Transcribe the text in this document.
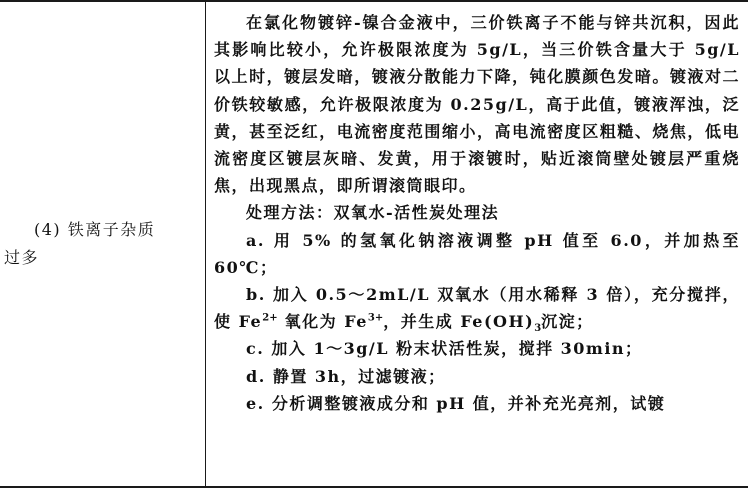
(4) 铁离子杂质
过多

在氯化物镀锌-镍合金液中，三价铁离子不能与锌共沉积，因此其影响比较小，允许极限浓度为 5g/L，当三价铁含量大于 5g/L 以上时，镀层发暗，镀液分散能力下降，钝化膜颜色发暗。镀液对二价铁较敏感，允许极限浓度为 0.25g/L，高于此值，镀液浑浊，泛黄，甚至泛红，电流密度范围缩小，高电流密度区粗糙、烧焦，低电流密度区镀层灰暗、发黄，用于滚镀时，贴近滚筒壁处镀层严重烧焦，出现黑点，即所谓滚筒眼印。

处理方法：双氧水-活性炭处理法

a. 用 5% 的氢氧化钠溶液调整 pH 值至 6.0，并加热至 60℃；

b. 加入 0.5～2mL/L 双氧水（用水稀释 3 倍），充分搅拌，使 $Fe^{2+}$ 氧化为 $Fe^{3+}$，并生成 $Fe(OH)_3$沉淀；

c. 加入 1～3g/L 粉末状活性炭，搅拌 30min；

d. 静置 3h，过滤镀液；

e. 分析调整镀液成分和 pH 值，并补充光亮剂，试镀
